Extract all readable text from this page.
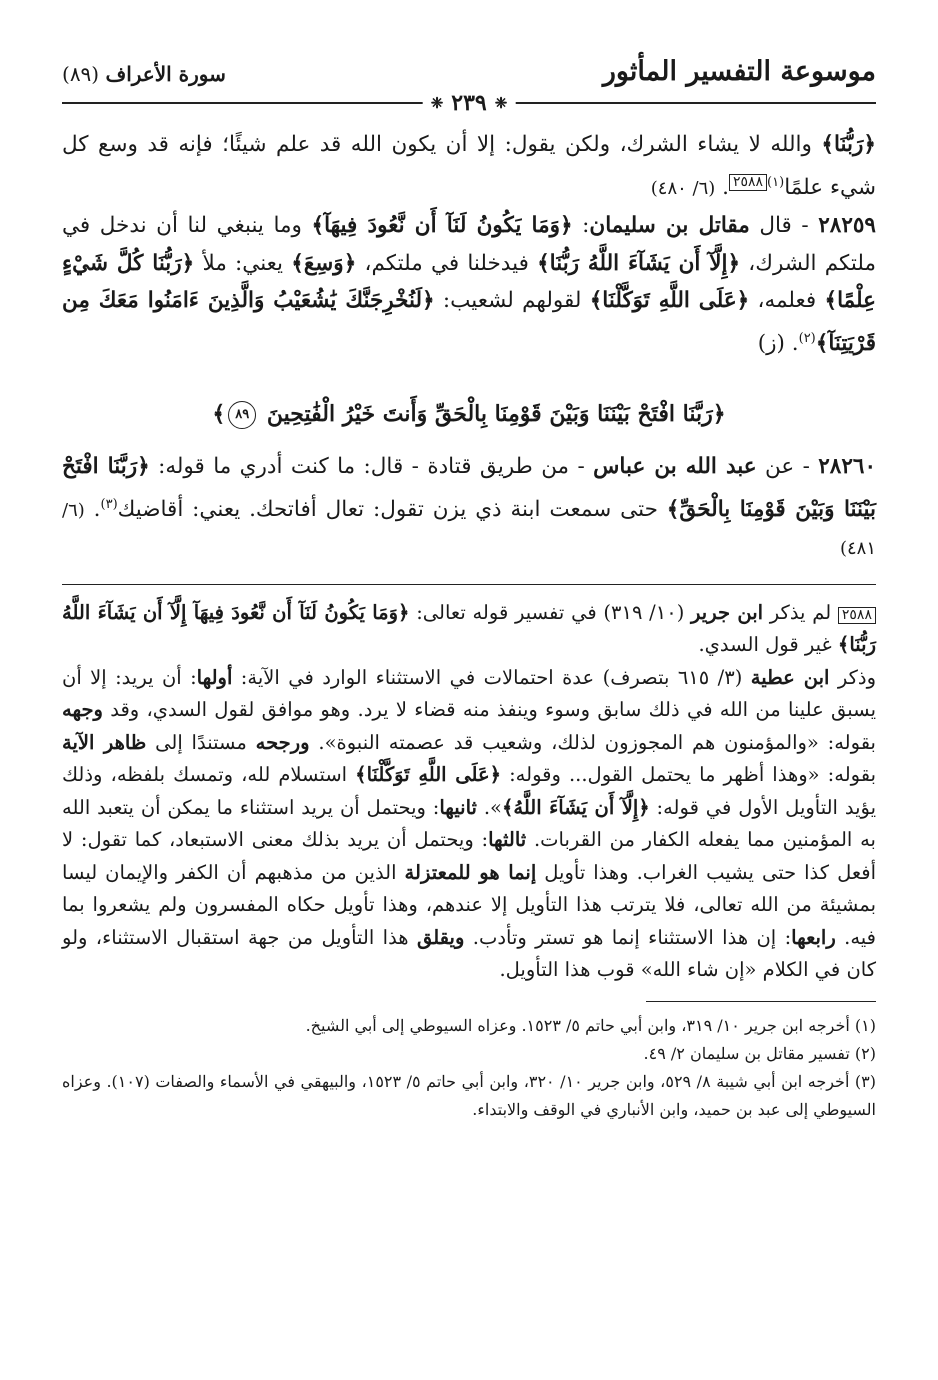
موسوعة التفسير المأثور
سورة الأعراف (٨٩)
❈
٢٣٩
❈

﴿رَبُّنَا﴾ والله لا يشاء الشرك، ولكن يقول: إلا أن يكون الله قد علم شيئًا؛ فإنه قد وسع كل شيء علمًا$^{(١)}$٢٥٨٨. (٦/ ٤٨٠)

٢٨٢٥٩ - قال مقاتل بن سليمان: ﴿وَمَا يَكُونُ لَنَآ أَن نَّعُودَ فِيهَآ﴾ وما ينبغي لنا أن ندخل في ملتكم الشرك، ﴿إِلَّآ أَن يَشَآءَ اللَّهُ رَبُّنَا﴾ فيدخلنا في ملتكم، ﴿وَسِعَ﴾ يعني: ملأ ﴿رَبُّنَا كُلَّ شَيْءٍ عِلْمًا﴾ فعلمه، ﴿عَلَى اللَّهِ تَوَكَّلْنَا﴾ لقولهم لشعيب: ﴿لَنُخْرِجَنَّكَ يَٰشُعَيْبُ وَالَّذِينَ ءَامَنُوا مَعَكَ مِن قَرْيَتِنَآ﴾$^{(٢)}$. (ز)

﴿رَبَّنَا افْتَحْ بَيْنَنَا وَبَيْنَ قَوْمِنَا بِالْحَقِّ وَأَنتَ خَيْرُ الْفَٰتِحِينَ ٨٩﴾

٢٨٢٦٠ - عن عبد الله بن عباس - من طريق قتادة - قال: ما كنت أدري ما قوله: ﴿رَبَّنَا افْتَحْ بَيْنَنَا وَبَيْنَ قَوْمِنَا بِالْحَقِّ﴾ حتى سمعت ابنة ذي يزن تقول: تعال أفاتحك. يعني: أقاضيك$^{(٣)}$. (٦/ ٤٨١)

٢٥٨٨ لم يذكر ابن جرير (١٠/ ٣١٩) في تفسير قوله تعالى: ﴿وَمَا يَكُونُ لَنَآ أَن نَّعُودَ فِيهَآ إِلَّآ أَن يَشَآءَ اللَّهُ رَبُّنَا﴾ غير قول السدي.

وذكر ابن عطية (٣/ ٦١٥ بتصرف) عدة احتمالات في الاستثناء الوارد في الآية: أولها: أن يريد: إلا أن يسبق علينا من الله في ذلك سابق وسوء وينفذ منه قضاء لا يرد. وهو موافق لقول السدي، وقد وجهه بقوله: «والمؤمنون هم المجوزون لذلك، وشعيب قد عصمته النبوة». ورجحه مستندًا إلى ظاهر الآية بقوله: «وهذا أظهر ما يحتمل القول... وقوله: ﴿عَلَى اللَّهِ تَوَكَّلْنَا﴾ استسلام لله، وتمسك بلفظه، وذلك يؤيد التأويل الأول في قوله: ﴿إِلَّآ أَن يَشَآءَ اللَّهُ﴾». ثانيها: ويحتمل أن يريد استثناء ما يمكن أن يتعبد الله به المؤمنين مما يفعله الكفار من القربات. ثالثها: ويحتمل أن يريد بذلك معنى الاستبعاد، كما تقول: لا أفعل كذا حتى يشيب الغراب. وهذا تأويل إنما هو للمعتزلة الذين من مذهبهم أن الكفر والإيمان ليسا بمشيئة من الله تعالى، فلا يترتب هذا التأويل إلا عندهم، وهذا تأويل حكاه المفسرون ولم يشعروا بما فيه. رابعها: إن هذا الاستثناء إنما هو تستر وتأدب. ويقلق هذا التأويل من جهة استقبال الاستثناء، ولو كان في الكلام «إن شاء الله» قوب هذا التأويل.

(١) أخرجه ابن جرير ١٠/ ٣١٩، وابن أبي حاتم ٥/ ١٥٢٣. وعزاه السيوطي إلى أبي الشيخ.

(٢) تفسير مقاتل بن سليمان ٢/ ٤٩.

(٣) أخرجه ابن أبي شيبة ٨/ ٥٢٩، وابن جرير ١٠/ ٣٢٠، وابن أبي حاتم ٥/ ١٥٢٣، والبيهقي في الأسماء والصفات (١٠٧). وعزاه السيوطي إلى عبد بن حميد، وابن الأنباري في الوقف والابتداء.
